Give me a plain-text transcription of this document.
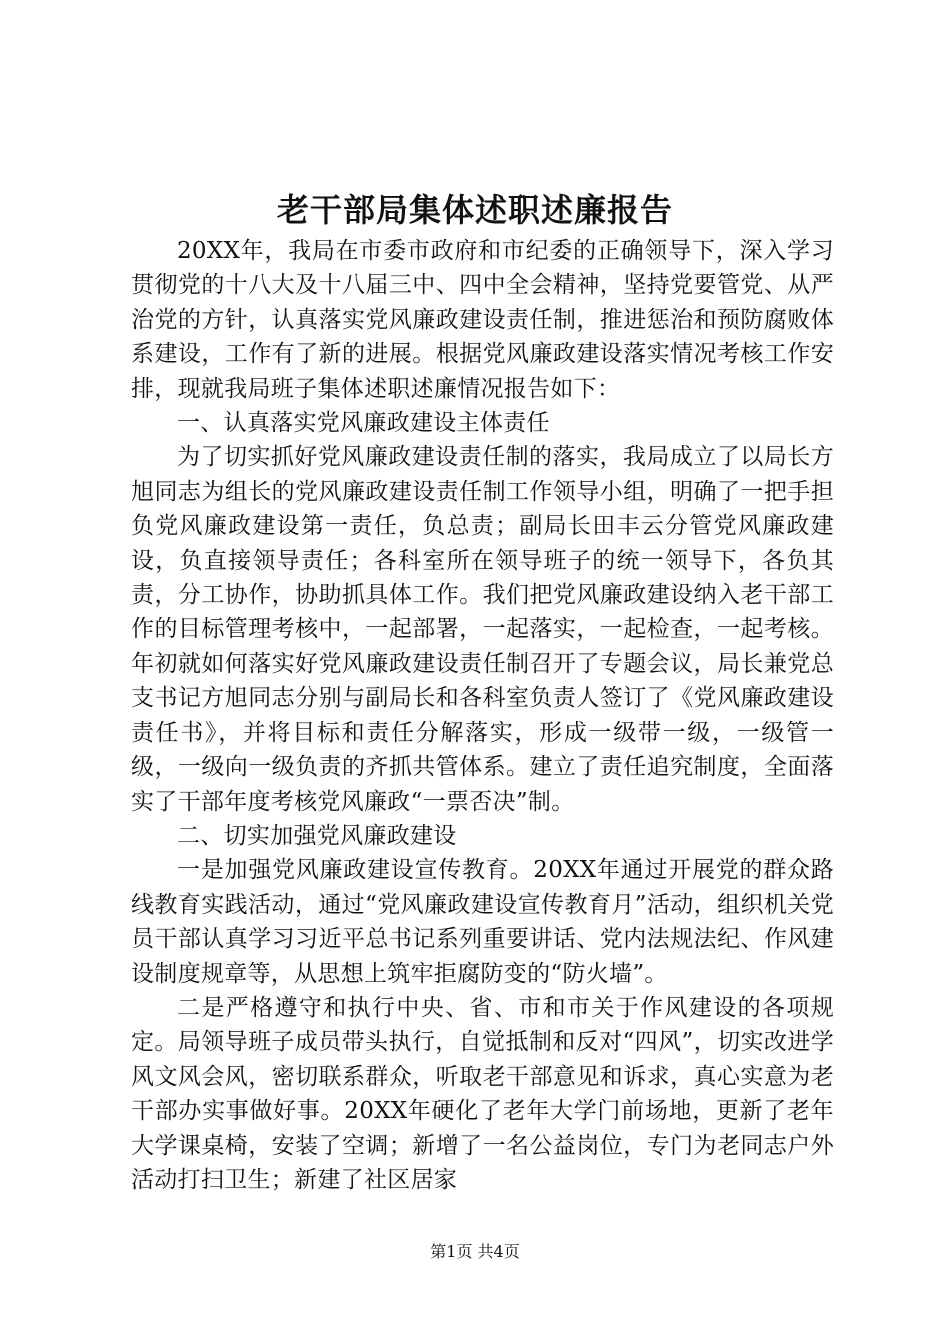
老干部局集体述职述廉报告

20XX年，我局在市委市政府和市纪委的正确领导下，深入学习贯彻党的十八大及十八届三中、四中全会精神，坚持党要管党、从严治党的方针，认真落实党风廉政建设责任制，推进惩治和预防腐败体系建设，工作有了新的进展。根据党风廉政建设落实情况考核工作安排，现就我局班子集体述职述廉情况报告如下：

一、认真落实党风廉政建设主体责任

为了切实抓好党风廉政建设责任制的落实，我局成立了以局长方旭同志为组长的党风廉政建设责任制工作领导小组，明确了一把手担负党风廉政建设第一责任，负总责；副局长田丰云分管党风廉政建设，负直接领导责任；各科室所在领导班子的统一领导下，各负其责，分工协作，协助抓具体工作。我们把党风廉政建设纳入老干部工作的目标管理考核中，一起部署，一起落实，一起检查，一起考核。年初就如何落实好党风廉政建设责任制召开了专题会议，局长兼党总支书记方旭同志分别与副局长和各科室负责人签订了《党风廉政建设责任书》，并将目标和责任分解落实，形成一级带一级，一级管一级，一级向一级负责的齐抓共管体系。建立了责任追究制度，全面落实了干部年度考核党风廉政“一票否决”制。

二、切实加强党风廉政建设

一是加强党风廉政建设宣传教育。20XX年通过开展党的群众路线教育实践活动，通过“党风廉政建设宣传教育月”活动，组织机关党员干部认真学习习近平总书记系列重要讲话、党内法规法纪、作风建设制度规章等，从思想上筑牢拒腐防变的“防火墙”。

二是严格遵守和执行中央、省、市和市关于作风建设的各项规定。局领导班子成员带头执行，自觉抵制和反对“四风”，切实改进学风文风会风，密切联系群众，听取老干部意见和诉求，真心实意为老干部办实事做好事。20XX年硬化了老年大学门前场地，更新了老年大学课桌椅，安装了空调；新增了一名公益岗位，专门为老同志户外活动打扫卫生；新建了社区居家

第1页 共4页
